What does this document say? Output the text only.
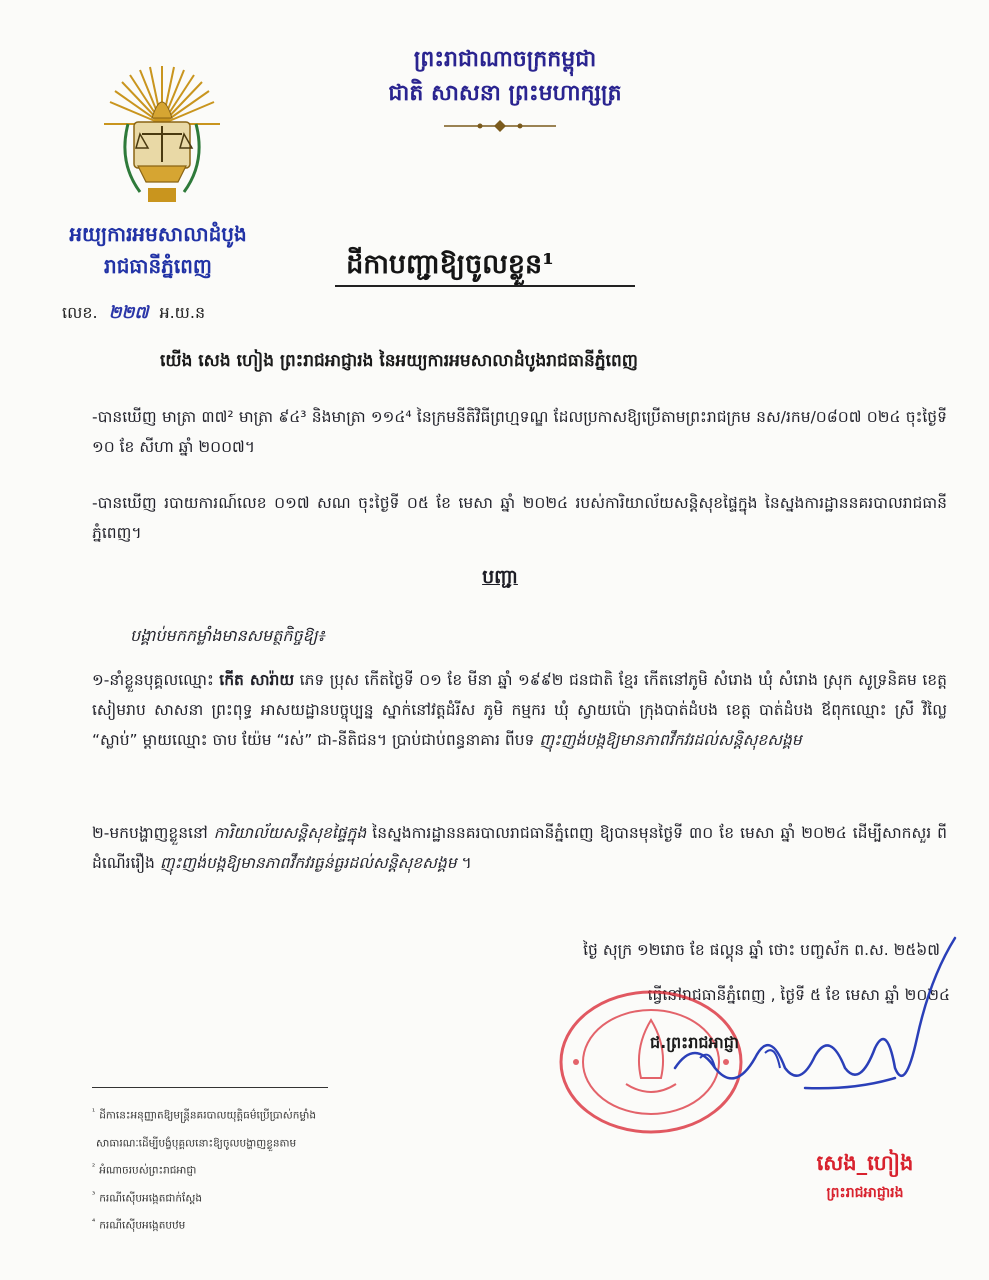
ព្រះរាជាណាចក្រកម្ពុជា
ជាតិ សាសនា ព្រះមហាក្សត្រ
អយ្យការអមសាលាដំបូង
រាជធានីភ្នំពេញ	ដីកាបញ្ជាឱ្យចូលខ្លួន¹
លេខ. ២២៧ អ.យ.ន
យើង សេង ហៀង ព្រះរាជអាជ្ញារង នៃអយ្យការអមសាលាដំបូងរាជធានីភ្នំពេញ
-បានឃើញ មាត្រា ៣៧² មាត្រា ៩៤³ និងមាត្រា ១១៤⁴ នៃក្រមនីតិវិធីព្រហ្មទណ្ឌ ដែលប្រកាសឱ្យប្រើតាមព្រះរាជក្រម នស/រកម/០៨០៧ ០២៤ ចុះថ្ងៃទី ១០ ខែ សីហា ឆ្នាំ ២០០៧។
-បានឃើញ របាយការណ៍លេខ ០១៧ សណ ចុះថ្ងៃទី ០៥ ខែ មេសា ឆ្នាំ ២០២៤ របស់ការិយាល័យសន្តិសុខផ្ទៃក្នុង នៃស្នងការដ្ឋាននគរបាលរាជធានីភ្នំពេញ។
បញ្ជា
បង្គាប់មកកម្លាំងមានសមត្ថកិច្ចឱ្យ៖
១-នាំខ្លួនបុគ្គលឈ្មោះ កើត សារ៉ាយ ភេទ ប្រុស កើតថ្ងៃទី ០១ ខែ មីនា ឆ្នាំ ១៩៩២ ជនជាតិ ខ្មែរ កើតនៅភូមិ សំរោង ឃុំ សំរោង ស្រុក សូទ្រនិគម ខេត្ត សៀមរាប សាសនា ព្រះពុទ្ធ អាសយដ្ឋានបច្ចុប្បន្ន ស្នាក់នៅវត្តដំរីស ភូមិ កម្មករ ឃុំ ស្វាយប៉ោ ក្រុងបាត់ដំបង ខេត្ត បាត់ដំបង ឪពុកឈ្មោះ ស្រី វិល្លៃ “ស្លាប់” ម្ដាយឈ្មោះ ចាប យ៉ែម “រស់” ជា-នីតិជន។ ប្រាប់ជាប់ពន្ធនាគារ ពីបទ ញុះញង់បង្កឱ្យមានភាពវឹកវរដល់សន្តិសុខសង្គម
២-មកបង្ហាញខ្លួននៅ ការិយាល័យសន្តិសុខផ្ទៃក្នុង នៃស្នងការដ្ឋាននគរបាលរាជធានីភ្នំពេញ ឱ្យបានមុនថ្ងៃទី ៣០ ខែ មេសា ឆ្នាំ ២០២៤ ដើម្បីសាកសួរ ពីដំណើររឿង ញុះញង់បង្កឱ្យមានភាពវឹកវរធ្ងន់ធ្ងរដល់សន្តិសុខសង្គម ។
ថ្ងៃ សុក្រ ១២រោច ខែ ផល្គុន ឆ្នាំ ថោះ បញ្ចស័ក ព.ស. ២៥៦៧
ធ្វើនៅរាជធានីភ្នំពេញ , ថ្ងៃទី ៥ ខែ មេសា ឆ្នាំ ២០២៤
ជ.ព្រះរាជអាជ្ញា
សេង_ហៀង
ព្រះរាជអាជ្ញារង
$^{^1}$ ដីកានេះអនុញ្ញាតឱ្យមន្ត្រីនគរបាលយុត្តិធម៌ប្រើប្រាស់កម្លាំង
សាធារណៈដើម្បីបង្ខំបុគ្គលនោះឱ្យចូលបង្ហាញខ្លួនតាម
$^{^2}$ អំណាចរបស់ព្រះរាជអាជ្ញា
$^{^3}$ ករណីស៊ើបអង្កេតជាក់ស្ដែង
$^{^4}$ ករណីស៊ើបអង្កេតបឋម
